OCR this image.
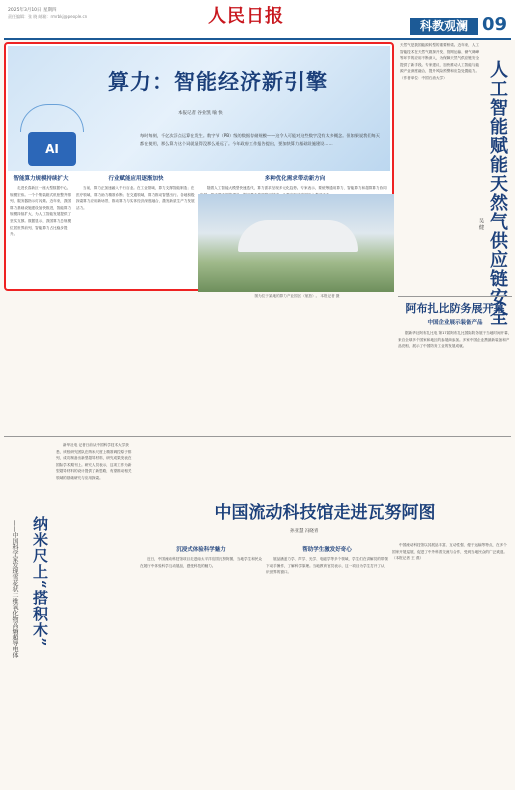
2025年3月10日 星期四
责任编辑：张 晓 邮箱：rmrbkj@people.cn	人民日报	科教观澜 09
AI
算力：智能经济新引擎
本报记者 谷业凯 喻 快
每时每刻，千亿次浮点运算在发生。数字节（PB）级的数据存储规模——这令人可能对这些数字没有太多概念。但如果说我们每天都在使用，那么算力这个词就显得没那么遥远了。今年政府工作报告提出，要加快算力基础设施建设……
智能算力规模持续扩大

走进长春新区一座大型数据中心，规模宏伟。一个个集装箱式机柜整齐排列，服务器指示灯闪烁。近年来，我国算力基础设施建设加快推进，智能算力规模持续扩大，为人工智能发展提供了坚实支撑。数据显示，我国算力总规模位居世界前列，智能算力占比稳步提升。

行业赋能应用逐渐加快

当前，算力正加速融入千行百业。在工业领域，算力支撑智能制造；在医疗领域，算力助力精准诊断；在交通领域，算力推动智慧出行。各地积极探索算力应用新场景，推动算力与实体经济深度融合，激发新质生产力发展活力。

多种优化需求带动新方向

随着人工智能大模型快速迭代，算力需求呈现多元化趋势。专家表示，要统筹通用算力、智能算力和超算算力协同

图为位于某地的算力产业园区（航拍）。 本报记者 摄

天然气是我国能源转型的重要桥梁。近年来，人工智能技术在天然气勘探开发、管网运输、储气调峰等环节的应用不断深入，为保障天然气供应链安全提供了新手段。专家建议，加快推动人工智能与能源产业深度融合，提升风险预警和应急处置能力。（作者单位：中国石油大学）	人工智能赋能天然气供应链安全
吴 健
阿布扎比防务展开幕
中国企业展示装备产品

据新华社阿布扎比电 第17届阿布扎比国际防务展于当地时间开幕，来自全球多个国家和地区的参展商参加。多家中国企业携最新装备和产品亮相，展示了中国防务工业的发展成就。

纳米尺上“搭积木”
——中国科学家发现雪花状二维氧化物高熵超导电体

新华社电 记者日前从中国科学技术大学获悉，该校研究团队在纳米尺度上精准调控原子排列，成功制备出新型超导材料，研究成果发表在国际学术期刊上。研究人员表示，这项工作为新型超导材料的设计提供了新思路，有望推动相关领域的基础研究与应用探索。

中国流动科技馆走进瓦努阿图
孙亚慧 冯晓青
沉浸式体验科学魅力

近日，中国流动科技馆项目走进南太平洋岛国瓦努阿图，当地学生和民众在展厅中体验科学互动展品，感受科技的魅力。

帮助学生激发好奇心

展品涵盖力学、声学、光学、电磁学等多个领域，学生们在讲解员的带领下动手操作，了解科学原理。当地教育官员表示，这一项目为学生打开了认识世界的窗口。

中国流动科技馆以其展品丰富、互动性强、便于运输等特点，在多个国家开展巡展，促进了中外科普交流与合作，受到当地民众的广泛欢迎。（本报记者 王 燕）
